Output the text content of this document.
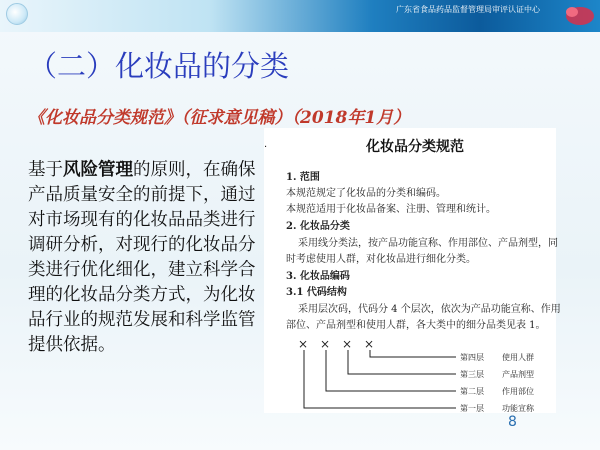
广东省食品药品监督管理局审评认证中心
（二）化妆品的分类
《化妆品分类规范》（征求意见稿）（2018年1月）
基于风险管理的原则，在确保产品质量安全的前提下，通过对市场现有的化妆品品类进行调研分析，对现行的化妆品分类进行优化细化，建立科学合理的化妆品分类方式，为化妆品行业的规范发展和科学监管提供依据。
·	化妆品分类规范
1. 范围
本规范规定了化妆品的分类和编码。
本规范适用于化妆品备案、注册、管理和统计。
2. 化妆品分类
采用线分类法，按产品功能宣称、作用部位、产品剂型，同
时考虑使用人群，对化妆品进行细化分类。
3. 化妆品编码
3.1 代码结构
采用层次码，代码分 4 个层次，依次为产品功能宣称、作用
部位、产品剂型和使用人群，各大类中的细分品类见表 1。
× × × ×
第四层 使用人群
第三层 产品剂型
第二层 作用部位
第一层 功能宣称
8
